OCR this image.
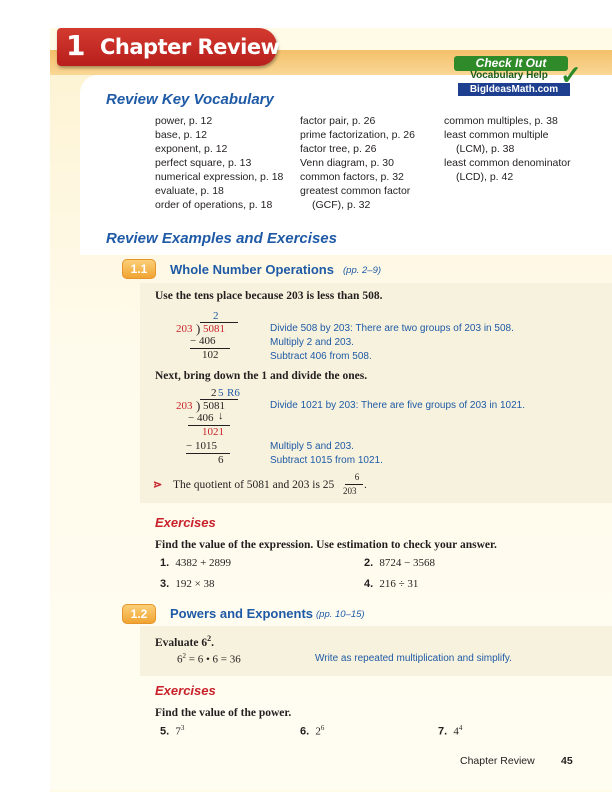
1 Chapter Review
Check It Out
Vocabulary Help
BigIdeasMath.com ✓
Review Key Vocabulary
power, p. 12
base, p. 12
exponent, p. 12
perfect square, p. 13
numerical expression, p. 18
evaluate, p. 18
order of operations, p. 18
factor pair, p. 26
prime factorization, p. 26
factor tree, p. 26
Venn diagram, p. 30
common factors, p. 32
greatest common factor
(GCF), p. 32
common multiples, p. 38
least common multiple
(LCM), p. 38
least common denominator
(LCD), p. 42
Review Examples and Exercises
1.1	Whole Number Operations (pp. 2–9)
Use the tens place because 203 is less than 508.
2
203 ) 5081
− 406
102
Divide 508 by 203: There are two groups of 203 in 508.
Multiply 2 and 203.
Subtract 406 from 508.
Next, bring down the 1 and divide the ones.
2 5 R6
203 ) 5081
− 406 ↓
1021
− 1015
6
Divide 1021 by 203: There are five groups of 203 in 1021.
Multiply 5 and 203.
Subtract 1015 from 1021.
⋗ The quotient of 5081 and 203 is 25
6
203 .
Exercises
Find the value of the expression. Use estimation to check your answer.
1. 4382 + 2899	2. 8724 − 3568
3. 192 × 38	4. 216 ÷ 31
1.2	Powers and Exponents (pp. 10–15)
Evaluate $6^2$.
$6^2 = 6$ • 6 = 36	Write as repeated multiplication and simplify.
Exercises
Find the value of the power.
5. $7^3$	6. $2^6$	7. $4^4$
Chapter Review	45
